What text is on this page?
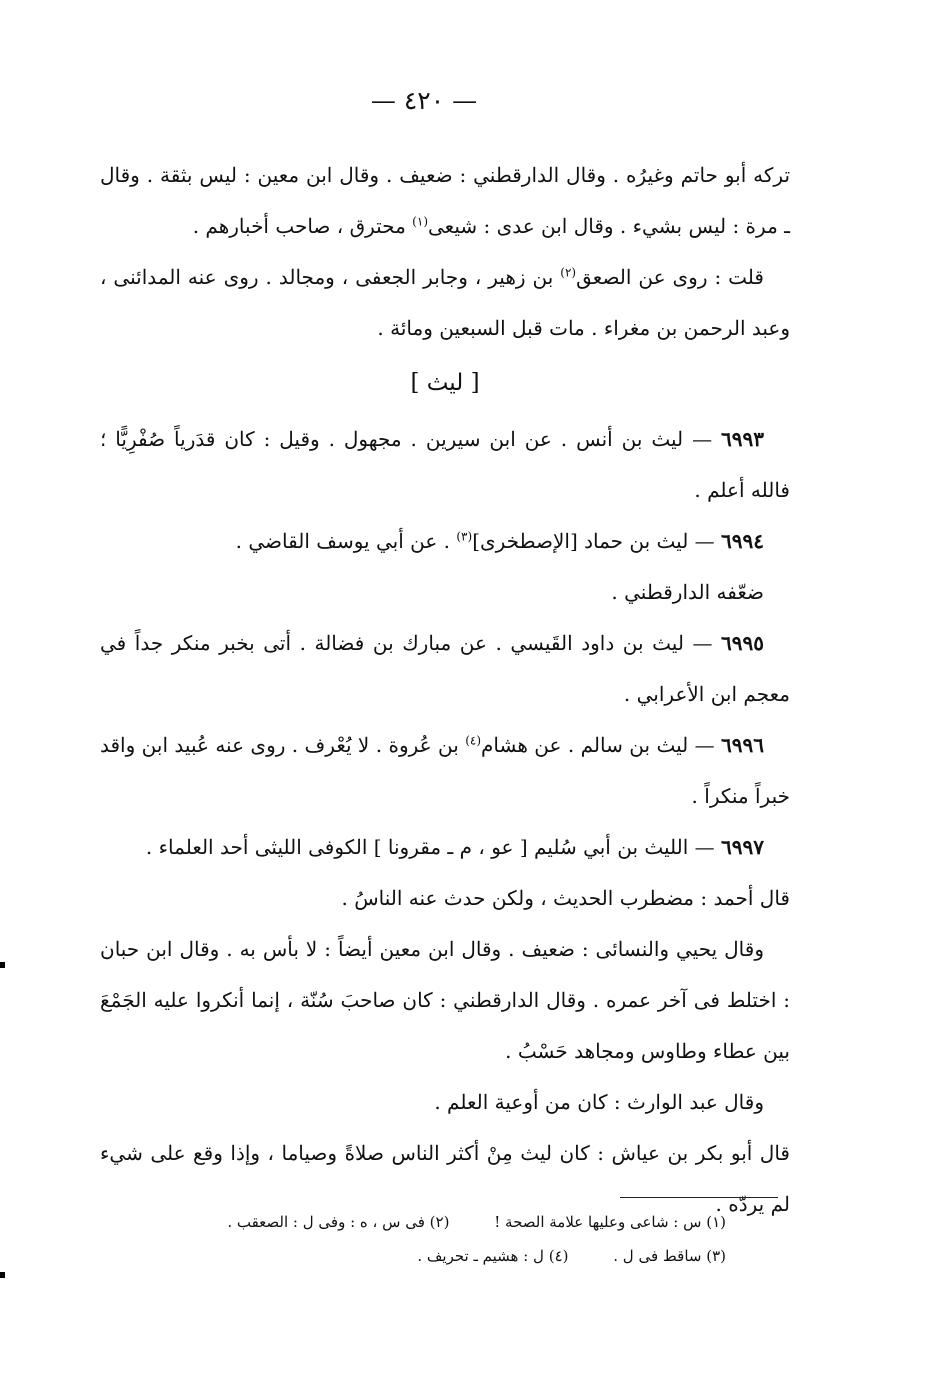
— ٤٢٠ —

تركه أبو حاتم وغيرُه . وقال الدارقطني : ضعيف . وقال ابن معين : ليس بثقة . وقال ـ مرة : ليس بشيء . وقال ابن عدى : شيعى$^{(١)}$ محترق ، صاحب أخبارهم .

قلت : روى عن الصعق$^{(٢)}$ بن زهير ، وجابر الجعفى ، ومجالد . روى عنه المدائنى ، وعبد الرحمن بن مغراء . مات قبل السبعين ومائة .

[ ليث ]

٦٩٩٣ — ليث بن أنس . عن ابن سيرين . مجهول . وقيل : كان قدَرياً صُفْرِيًّا ؛ فالله أعلم .

٦٩٩٤ — ليث بن حماد [الإصطخرى]$^{(٣)}$ . عن أبي يوسف القاضي .

ضعّفه الدارقطني .

٦٩٩٥ — ليث بن داود القَيسي . عن مبارك بن فضالة . أتى بخبر منكر جداً في معجم ابن الأعرابي .

٦٩٩٦ — ليث بن سالم . عن هشام$^{(٤)}$ بن عُروة . لا يُعْرف . روى عنه عُبيد ابن واقد خبراً منكراً .

٦٩٩٧ — الليث بن أبي سُليم [ عو ، م ـ مقرونا ] الكوفى الليثى أحد العلماء .

قال أحمد : مضطرب الحديث ، ولكن حدث عنه الناسُ .

وقال يحيي والنسائى : ضعيف . وقال ابن معين أيضاً : لا بأس به . وقال ابن حبان : اختلط فى آخر عمره . وقال الدارقطني : كان صاحبَ سُنّة ، إنما أنكروا عليه الجَمْعَ بين عطاء وطاوس ومجاهد حَسْبُ .

وقال عبد الوارث : كان من أوعية العلم .

قال أبو بكر بن عياش : كان ليث مِنْ أكثر الناس صلاةً وصياما ، وإذا وقع على شيء لم يردّه .

(١) س : شاعى وعليها علامة الصحة ! (٢) فى س ، ه : وفى ل : الصعقب .
(٣) ساقط فى ل . (٤) ل : هشيم ـ تحريف .
